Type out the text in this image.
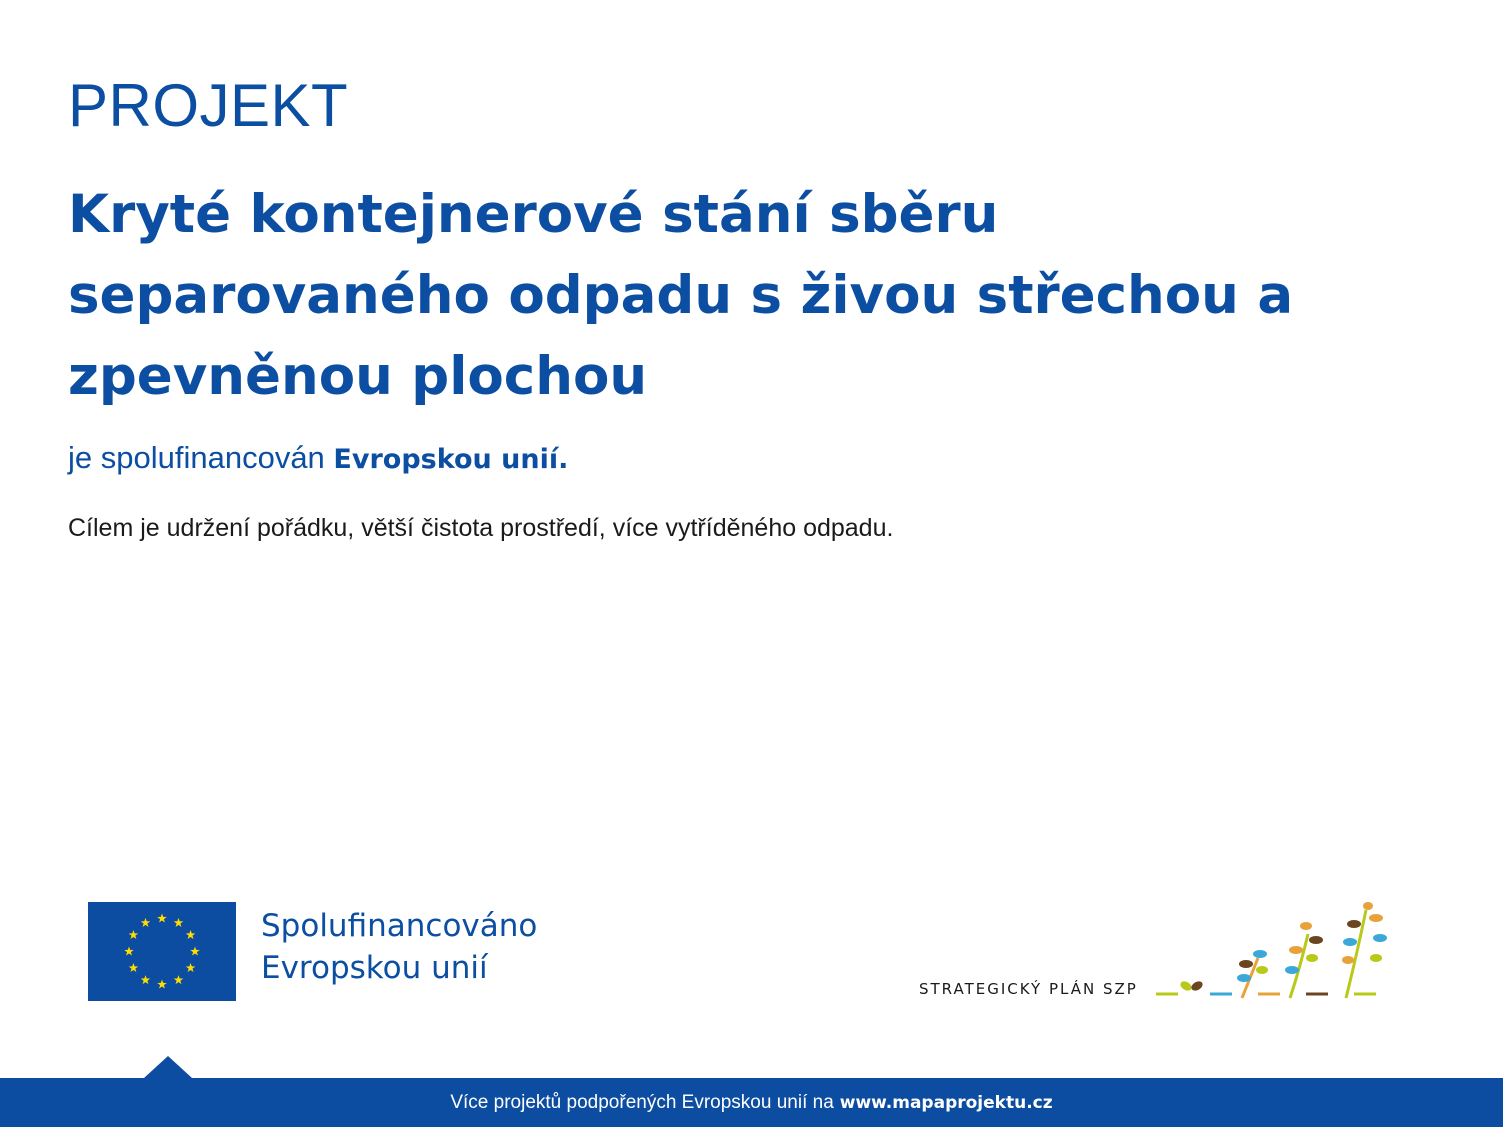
PROJEKT
Kryté kontejnerové stání sběru separovaného odpadu s živou střechou a zpevněnou plochou
je spolufinancován Evropskou unií.
Cílem je udržení pořádku, větší čistota prostředí, více vytříděného odpadu.
Spolufinancováno
Evropskou unií
STRATEGICKÝ PLÁN SZP
Více projektů podpořených Evropskou unií na www.mapaprojektu.cz
